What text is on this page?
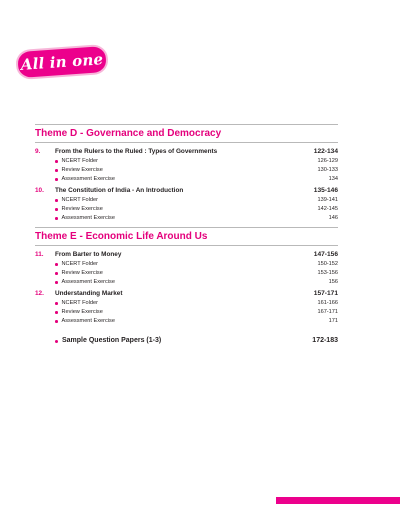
All in one
Theme D - Governance and Democracy
9.	From the Rulers to the Ruled : Types of Governments	122-134
NCERT Folder	126-129
Review Exercise	130-133
Assessment Exercise	134
10.	The Constitution of India - An Introduction	135-146
NCERT Folder	139-141
Review Exercise	142-145
Assessment Exercise	146
Theme E - Economic Life Around Us
11.	From Barter to Money	147-156
NCERT Folder	150-152
Review Exercise	153-156
Assessment Exercise	156
12.	Understanding Market	157-171
NCERT Folder	161-166
Review Exercise	167-171
Assessment Exercise	171
Sample Question Papers (1-3)	172-183
